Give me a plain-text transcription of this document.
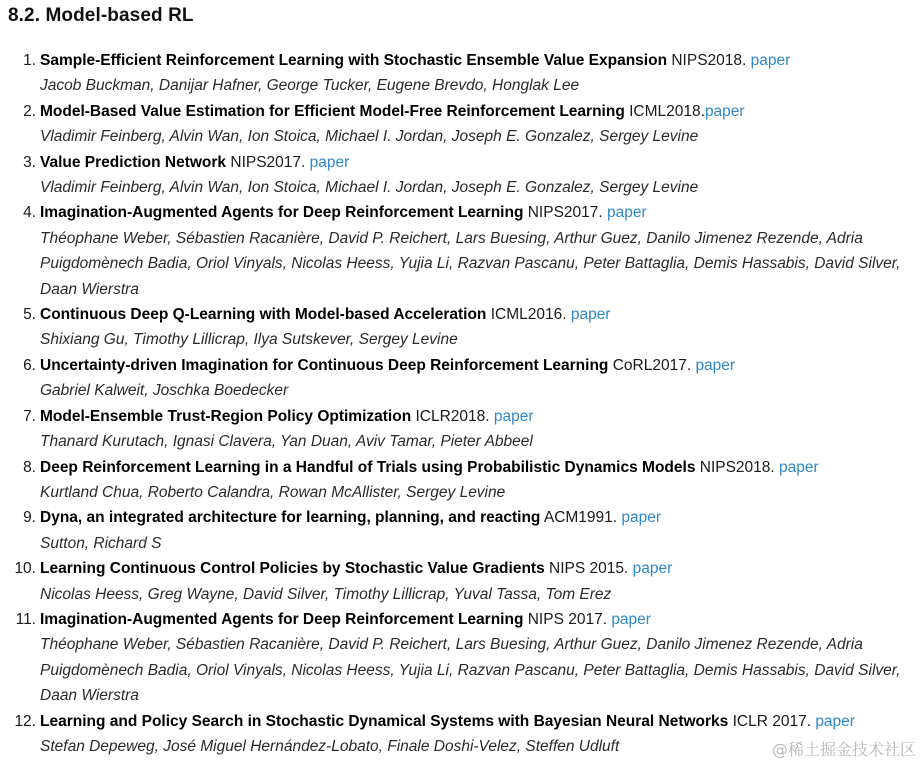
8.2. Model-based RL
1. Sample-Efficient Reinforcement Learning with Stochastic Ensemble Value Expansion NIPS2018. paper
Jacob Buckman, Danijar Hafner, George Tucker, Eugene Brevdo, Honglak Lee
2. Model-Based Value Estimation for Efficient Model-Free Reinforcement Learning ICML2018.paper
Vladimir Feinberg, Alvin Wan, Ion Stoica, Michael I. Jordan, Joseph E. Gonzalez, Sergey Levine
3. Value Prediction Network NIPS2017. paper
Vladimir Feinberg, Alvin Wan, Ion Stoica, Michael I. Jordan, Joseph E. Gonzalez, Sergey Levine
4. Imagination-Augmented Agents for Deep Reinforcement Learning NIPS2017. paper
Théophane Weber, Sébastien Racanière, David P. Reichert, Lars Buesing, Arthur Guez, Danilo Jimenez Rezende, Adria Puigdomènech Badia, Oriol Vinyals, Nicolas Heess, Yujia Li, Razvan Pascanu, Peter Battaglia, Demis Hassabis, David Silver, Daan Wierstra
5. Continuous Deep Q-Learning with Model-based Acceleration ICML2016. paper
Shixiang Gu, Timothy Lillicrap, Ilya Sutskever, Sergey Levine
6. Uncertainty-driven Imagination for Continuous Deep Reinforcement Learning CoRL2017. paper
Gabriel Kalweit, Joschka Boedecker
7. Model-Ensemble Trust-Region Policy Optimization ICLR2018. paper
Thanard Kurutach, Ignasi Clavera, Yan Duan, Aviv Tamar, Pieter Abbeel
8. Deep Reinforcement Learning in a Handful of Trials using Probabilistic Dynamics Models NIPS2018. paper
Kurtland Chua, Roberto Calandra, Rowan McAllister, Sergey Levine
9. Dyna, an integrated architecture for learning, planning, and reacting ACM1991. paper
Sutton, Richard S
10. Learning Continuous Control Policies by Stochastic Value Gradients NIPS 2015. paper
Nicolas Heess, Greg Wayne, David Silver, Timothy Lillicrap, Yuval Tassa, Tom Erez
11. Imagination-Augmented Agents for Deep Reinforcement Learning NIPS 2017. paper
Théophane Weber, Sébastien Racanière, David P. Reichert, Lars Buesing, Arthur Guez, Danilo Jimenez Rezende, Adria Puigdomènech Badia, Oriol Vinyals, Nicolas Heess, Yujia Li, Razvan Pascanu, Peter Battaglia, Demis Hassabis, David Silver, Daan Wierstra
12. Learning and Policy Search in Stochastic Dynamical Systems with Bayesian Neural Networks ICLR 2017. paper
Stefan Depeweg, José Miguel Hernández-Lobato, Finale Doshi-Velez, Steffen Udluft	@稀土掘金技术社区
